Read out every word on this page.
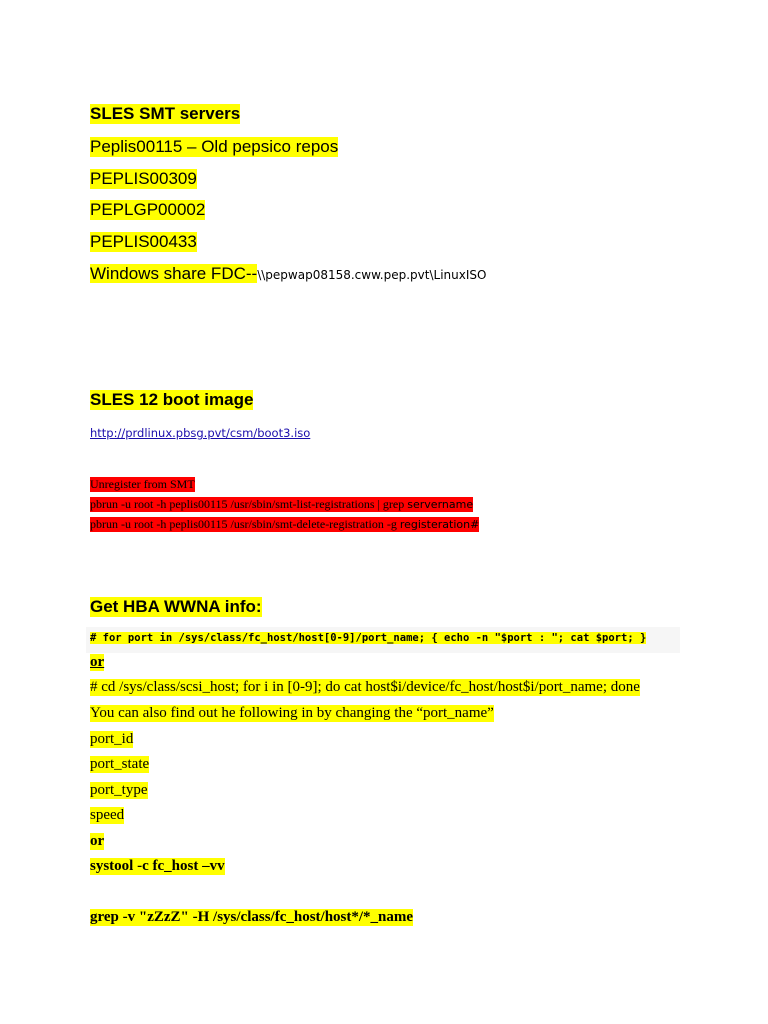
SLES SMT servers
Peplis00115 – Old pepsico repos
PEPLIS00309
PEPLGP00002
PEPLIS00433
Windows share FDC--\\pepwap08158.cww.pep.pvt\LinuxISO
SLES 12 boot image
http://prdlinux.pbsg.pvt/csm/boot3.iso
Unregister from SMT
pbrun -u root -h peplis00115 /usr/sbin/smt-list-registrations | grep servername
pbrun -u root -h peplis00115 /usr/sbin/smt-delete-registration -g registeration#
Get HBA WWNA info:
# for port in /sys/class/fc_host/host[0-9]/port_name; { echo -n "$port : "; cat $port; }
or
# cd /sys/class/scsi_host; for i in [0-9]; do cat host$i/device/fc_host/host$i/port_name; done
You can also find out he following in by changing the “port_name”
port_id
port_state
port_type
speed
or
systool -c fc_host –vv
grep -v "zZzZ" -H /sys/class/fc_host/host*/*_name
